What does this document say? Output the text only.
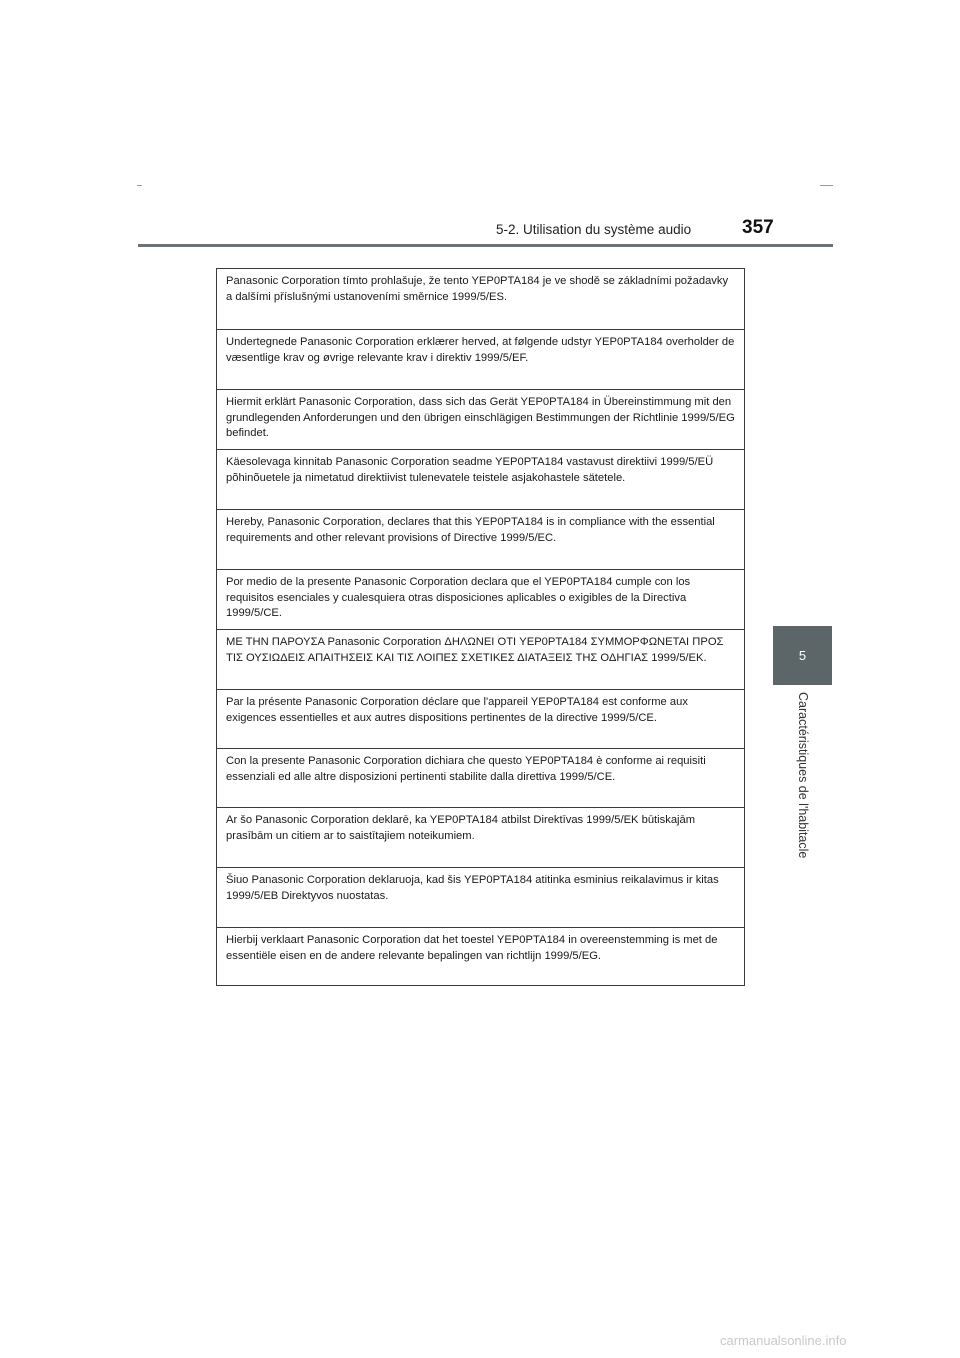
5-2. Utilisation du système audio	357
5
Caractéristiques de l'habitacle
Panasonic Corporation tímto prohlašuje, že tento YEP0PTA184 je ve shodě se základními požadavky a dalšími příslušnými ustanoveními směrnice 1999/5/ES.
Undertegnede Panasonic Corporation erklærer herved, at følgende udstyr YEP0PTA184 overholder de væsentlige krav og øvrige relevante krav i direktiv 1999/5/EF.
Hiermit erklärt Panasonic Corporation, dass sich das Gerät YEP0PTA184 in Übereinstimmung mit den grundlegenden Anforderungen und den übrigen einschlägigen Bestimmungen der Richtlinie 1999/5/EG befindet.
Käesolevaga kinnitab Panasonic Corporation seadme YEP0PTA184 vastavust direktiivi 1999/5/EÜ põhinõuetele ja nimetatud direktiivist tulenevatele teistele asjakohastele sätetele.
Hereby, Panasonic Corporation, declares that this YEP0PTA184 is in compliance with the essential requirements and other relevant provisions of Directive 1999/5/EC.
Por medio de la presente Panasonic Corporation declara que el YEP0PTA184 cumple con los requisitos esenciales y cualesquiera otras disposiciones aplicables o exigibles de la Directiva 1999/5/CE.
ΜΕ ΤΗΝ ΠΑΡΟΥΣΑ Panasonic Corporation ΔΗΛΩΝΕΙ ΟΤΙ YEP0PTA184 ΣΥΜΜΟΡΦΩΝΕΤΑΙ ΠΡΟΣ ΤΙΣ ΟΥΣΙΩΔΕΙΣ ΑΠΑΙΤΗΣΕΙΣ ΚΑΙ ΤΙΣ ΛΟΙΠΕΣ ΣΧΕΤΙΚΕΣ ΔΙΑΤΑΞΕΙΣ ΤΗΣ ΟΔΗΓΙΑΣ 1999/5/ΕΚ.
Par la présente Panasonic Corporation déclare que l'appareil YEP0PTA184 est conforme aux exigences essentielles et aux autres dispositions pertinentes de la directive 1999/5/CE.
Con la presente Panasonic Corporation dichiara che questo YEP0PTA184 è conforme ai requisiti essenziali ed alle altre disposizioni pertinenti stabilite dalla direttiva 1999/5/CE.
Ar šo Panasonic Corporation deklarē, ka YEP0PTA184 atbilst Direktīvas 1999/5/EK būtiskajām prasībām un citiem ar to saistītajiem noteikumiem.
Šiuo Panasonic Corporation deklaruoja, kad šis YEP0PTA184 atitinka esminius reikalavimus ir kitas 1999/5/EB Direktyvos nuostatas.
Hierbij verklaart Panasonic Corporation dat het toestel YEP0PTA184 in overeenstemming is met de essentiële eisen en de andere relevante bepalingen van richtlijn 1999/5/EG.
carmanualsonline.info
